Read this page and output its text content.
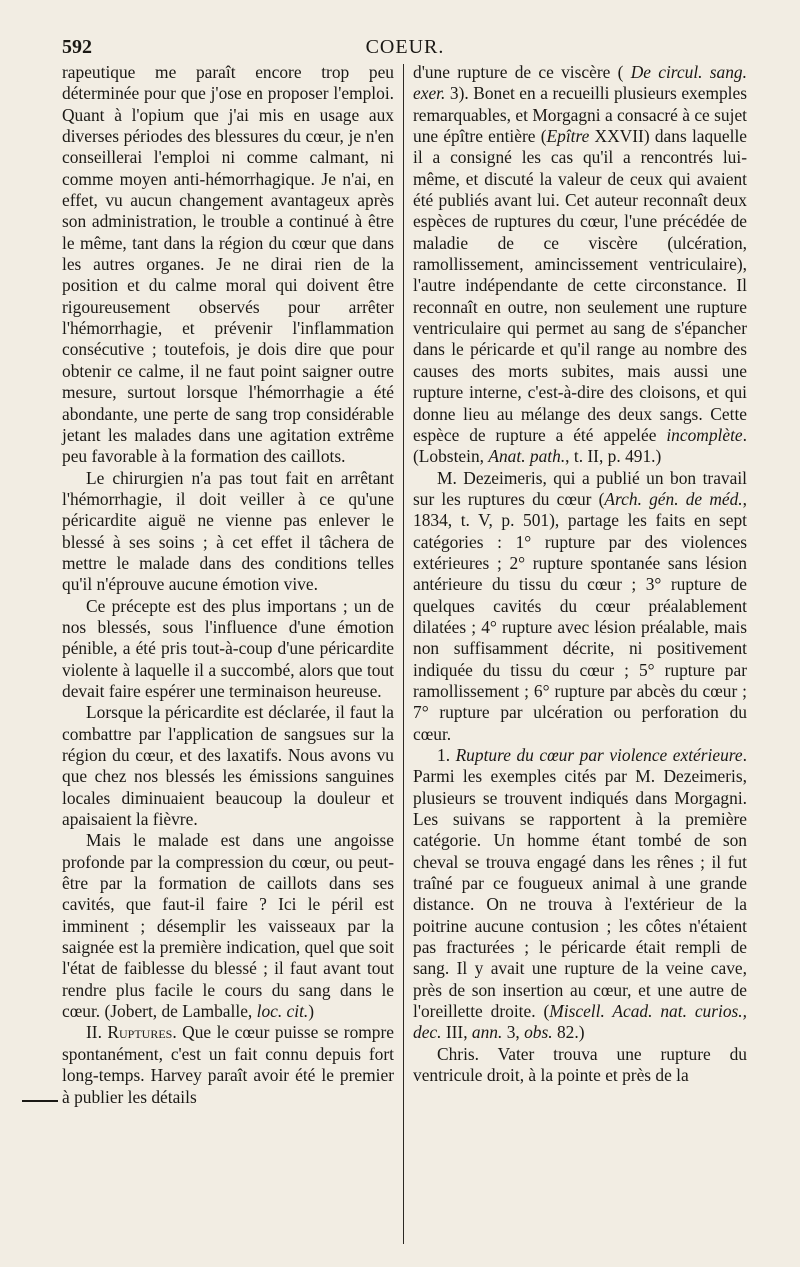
592	COEUR.

rapeutique me paraît encore trop peu déterminée pour que j'ose en proposer l'emploi. Quant à l'opium que j'ai mis en usage aux diverses périodes des blessures du cœur, je n'en conseillerai l'emploi ni comme calmant, ni comme moyen anti-hémorrhagique. Je n'ai, en effet, vu aucun changement avantageux après son administration, le trouble a continué à être le même, tant dans la région du cœur que dans les autres organes. Je ne dirai rien de la position et du calme moral qui doivent être rigoureusement observés pour arrêter l'hémorrhagie, et prévenir l'inflammation consécutive ; toutefois, je dois dire que pour obtenir ce calme, il ne faut point saigner outre mesure, surtout lorsque l'hémorrhagie a été abondante, une perte de sang trop considérable jetant les malades dans une agitation extrême peu favorable à la formation des caillots.

Le chirurgien n'a pas tout fait en arrêtant l'hémorrhagie, il doit veiller à ce qu'une péricardite aiguë ne vienne pas enlever le blessé à ses soins ; à cet effet il tâchera de mettre le malade dans des conditions telles qu'il n'éprouve aucune émotion vive.

Ce précepte est des plus importans ; un de nos blessés, sous l'influence d'une émotion pénible, a été pris tout-à-coup d'une péricardite violente à laquelle il a succombé, alors que tout devait faire espérer une terminaison heureuse.

Lorsque la péricardite est déclarée, il faut la combattre par l'application de sangsues sur la région du cœur, et des laxatifs. Nous avons vu que chez nos blessés les émissions sanguines locales diminuaient beaucoup la douleur et apaisaient la fièvre.

Mais le malade est dans une angoisse profonde par la compression du cœur, ou peut-être par la formation de caillots dans ses cavités, que faut-il faire ? Ici le péril est imminent ; désemplir les vaisseaux par la saignée est la première indication, quel que soit l'état de faiblesse du blessé ; il faut avant tout rendre plus facile le cours du sang dans le cœur. (Jobert, de Lamballe, loc. cit.)

II. Ruptures. Que le cœur puisse se rompre spontanément, c'est un fait connu depuis fort long-temps. Harvey paraît avoir été le premier à publier les détails

d'une rupture de ce viscère ( De circul. sang. exer. 3). Bonet en a recueilli plusieurs exemples remarquables, et Morgagni a consacré à ce sujet une épître entière (Epître XXVII) dans laquelle il a consigné les cas qu'il a rencontrés lui-même, et discuté la valeur de ceux qui avaient été publiés avant lui. Cet auteur reconnaît deux espèces de ruptures du cœur, l'une précédée de maladie de ce viscère (ulcération, ramollissement, amincissement ventriculaire), l'autre indépendante de cette circonstance. Il reconnaît en outre, non seulement une rupture ventriculaire qui permet au sang de s'épancher dans le péricarde et qu'il range au nombre des causes des morts subites, mais aussi une rupture interne, c'est-à-dire des cloisons, et qui donne lieu au mélange des deux sangs. Cette espèce de rupture a été appelée incomplète. (Lobstein, Anat. path., t. II, p. 491.)

M. Dezeimeris, qui a publié un bon travail sur les ruptures du cœur (Arch. gén. de méd., 1834, t. V, p. 501), partage les faits en sept catégories : 1° rupture par des violences extérieures ; 2° rupture spontanée sans lésion antérieure du tissu du cœur ; 3° rupture de quelques cavités du cœur préalablement dilatées ; 4° rupture avec lésion préalable, mais non suffisamment décrite, ni positivement indiquée du tissu du cœur ; 5° rupture par ramollissement ; 6° rupture par abcès du cœur ; 7° rupture par ulcération ou perforation du cœur.

1. Rupture du cœur par violence extérieure. Parmi les exemples cités par M. Dezeimeris, plusieurs se trouvent indiqués dans Morgagni. Les suivans se rapportent à la première catégorie. Un homme étant tombé de son cheval se trouva engagé dans les rênes ; il fut traîné par ce fougueux animal à une grande distance. On ne trouva à l'extérieur de la poitrine aucune contusion ; les côtes n'étaient pas fracturées ; le péricarde était rempli de sang. Il y avait une rupture de la veine cave, près de son insertion au cœur, et une autre de l'oreillette droite. (Miscell. Acad. nat. curios., dec. III, ann. 3, obs. 82.)

Chris. Vater trouva une rupture du ventricule droit, à la pointe et près de la
